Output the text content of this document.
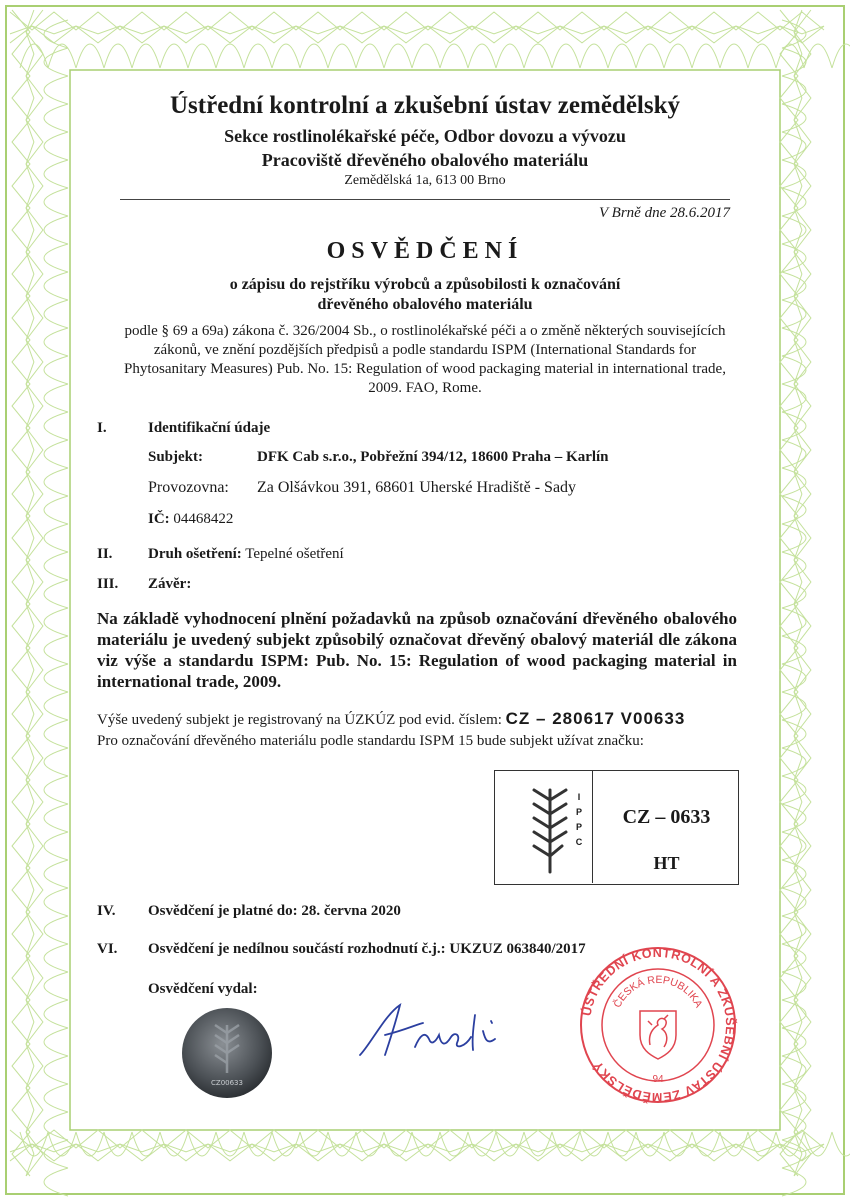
Ústřední kontrolní a zkušební ústav zemědělský
Sekce rostlinolékařské péče, Odbor dovozu a vývozu
Pracoviště dřevěného obalového materiálu
Zemědělská 1a, 613 00 Brno
V Brně dne 28.6.2017
OSVĚDČENÍ
o zápisu do rejstříku výrobců a způsobilosti k označování
dřevěného obalového materiálu
podle § 69 a 69a) zákona č. 326/2004 Sb., o rostlinolékařské péči a o změně některých souvisejících zákonů, ve znění pozdějších předpisů a podle standardu ISPM (International Standards for Phytosanitary Measures) Pub. No. 15: Regulation of wood packaging material in international trade, 2009. FAO, Rome.
I.	Identifikační údaje
Subjekt:	DFK Cab s.r.o., Pobřežní 394/12, 18600 Praha – Karlín
Provozovna: Za Olšávkou 391, 68601 Uherské Hradiště - Sady
IČ: 04468422
II. Druh ošetření: Tepelné ošetření
III. Závěr:
Na základě vyhodnocení plnění požadavků na způsob označování dřevěného obalového materiálu je uvedený subjekt způsobilý označovat dřevěný obalový materiál dle zákona viz výše a standardu ISPM: Pub. No. 15: Regulation of wood packaging material in international trade, 2009.
Výše uvedený subjekt je registrovaný na ÚZKÚZ pod evid. číslem: CZ – 280617 V00633
Pro označování dřevěného materiálu podle standardu ISPM 15 bude subjekt užívat značku:
I
P
P
C
CZ – 0633
HT
IV. Osvědčení je platné do: 28. června 2020
VI. Osvědčení je nedílnou součástí rozhodnutí č.j.: UKZUZ 063840/2017
Osvědčení vydal:
CZ00633
ÚSTŘEDNÍ KONTROLNÍ A ZKUŠEBNÍ ÚSTAV ZEMĚDĚLSKÝ
ČESKÁ REPUBLIKA
94
